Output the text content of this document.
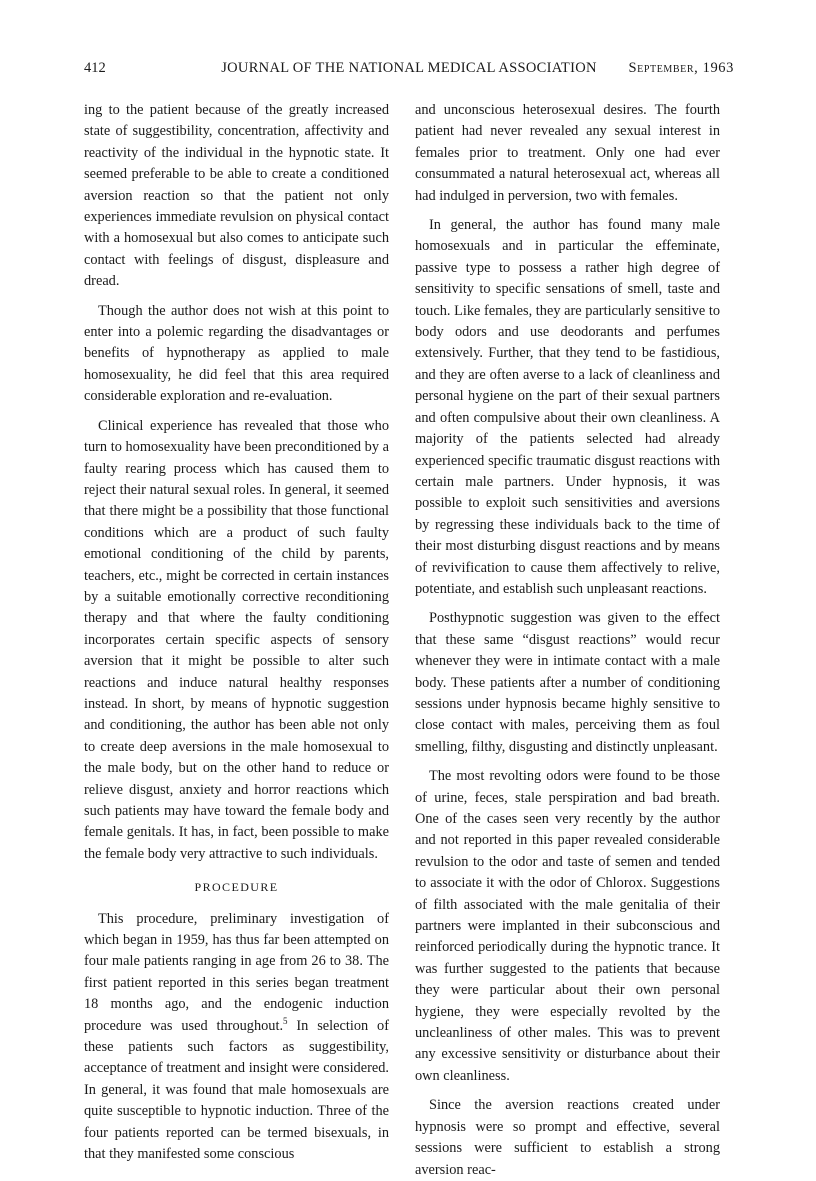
412	JOURNAL OF THE NATIONAL MEDICAL ASSOCIATION	September, 1963

ing to the patient because of the greatly increased state of suggestibility, concentration, affectivity and reactivity of the individual in the hypnotic state. It seemed preferable to be able to create a conditioned aversion reaction so that the patient not only experiences immediate revulsion on physical contact with a homosexual but also comes to anticipate such contact with feelings of disgust, displeasure and dread.

Though the author does not wish at this point to enter into a polemic regarding the disadvantages or benefits of hypnotherapy as applied to male homosexuality, he did feel that this area required considerable exploration and re-evaluation.

Clinical experience has revealed that those who turn to homosexuality have been preconditioned by a faulty rearing process which has caused them to reject their natural sexual roles. In general, it seemed that there might be a possibility that those functional conditions which are a product of such faulty emotional conditioning of the child by parents, teachers, etc., might be corrected in certain instances by a suitable emotionally corrective reconditioning therapy and that where the faulty conditioning incorporates certain specific aspects of sensory aversion that it might be possible to alter such reactions and induce natural healthy responses instead. In short, by means of hypnotic suggestion and conditioning, the author has been able not only to create deep aversions in the male homosexual to the male body, but on the other hand to reduce or relieve disgust, anxiety and horror reactions which such patients may have toward the female body and female genitals. It has, in fact, been possible to make the female body very attractive to such individuals.

PROCEDURE

This procedure, preliminary investigation of which began in 1959, has thus far been attempted on four male patients ranging in age from 26 to 38. The first patient reported in this series began treatment 18 months ago, and the endogenic induction procedure was used throughout.$^5$ In selection of these patients such factors as suggestibility, acceptance of treatment and insight were considered. In general, it was found that male homosexuals are quite susceptible to hypnotic induction. Three of the four patients reported can be termed bisexuals, in that they manifested some conscious

and unconscious heterosexual desires. The fourth patient had never revealed any sexual interest in females prior to treatment. Only one had ever consummated a natural heterosexual act, whereas all had indulged in perversion, two with females.

In general, the author has found many male homosexuals and in particular the effeminate, passive type to possess a rather high degree of sensitivity to specific sensations of smell, taste and touch. Like females, they are particularly sensitive to body odors and use deodorants and perfumes extensively. Further, that they tend to be fastidious, and they are often averse to a lack of cleanliness and personal hygiene on the part of their sexual partners and often compulsive about their own cleanliness. A majority of the patients selected had already experienced specific traumatic disgust reactions with certain male partners. Under hypnosis, it was possible to exploit such sensitivities and aversions by regressing these individuals back to the time of their most disturbing disgust reactions and by means of revivification to cause them affectively to relive, potentiate, and establish such unpleasant reactions.

Posthypnotic suggestion was given to the effect that these same “disgust reactions” would recur whenever they were in intimate contact with a male body. These patients after a number of conditioning sessions under hypnosis became highly sensitive to close contact with males, perceiving them as foul smelling, filthy, disgusting and distinctly unpleasant.

The most revolting odors were found to be those of urine, feces, stale perspiration and bad breath. One of the cases seen very recently by the author and not reported in this paper revealed considerable revulsion to the odor and taste of semen and tended to associate it with the odor of Chlorox. Suggestions of filth associated with the male genitalia of their partners were implanted in their subconscious and reinforced periodically during the hypnotic trance. It was further suggested to the patients that because they were particular about their own personal hygiene, they were especially revolted by the uncleanliness of other males. This was to prevent any excessive sensitivity or disturbance about their own cleanliness.

Since the aversion reactions created under hypnosis were so prompt and effective, several sessions were sufficient to establish a strong aversion reac-
